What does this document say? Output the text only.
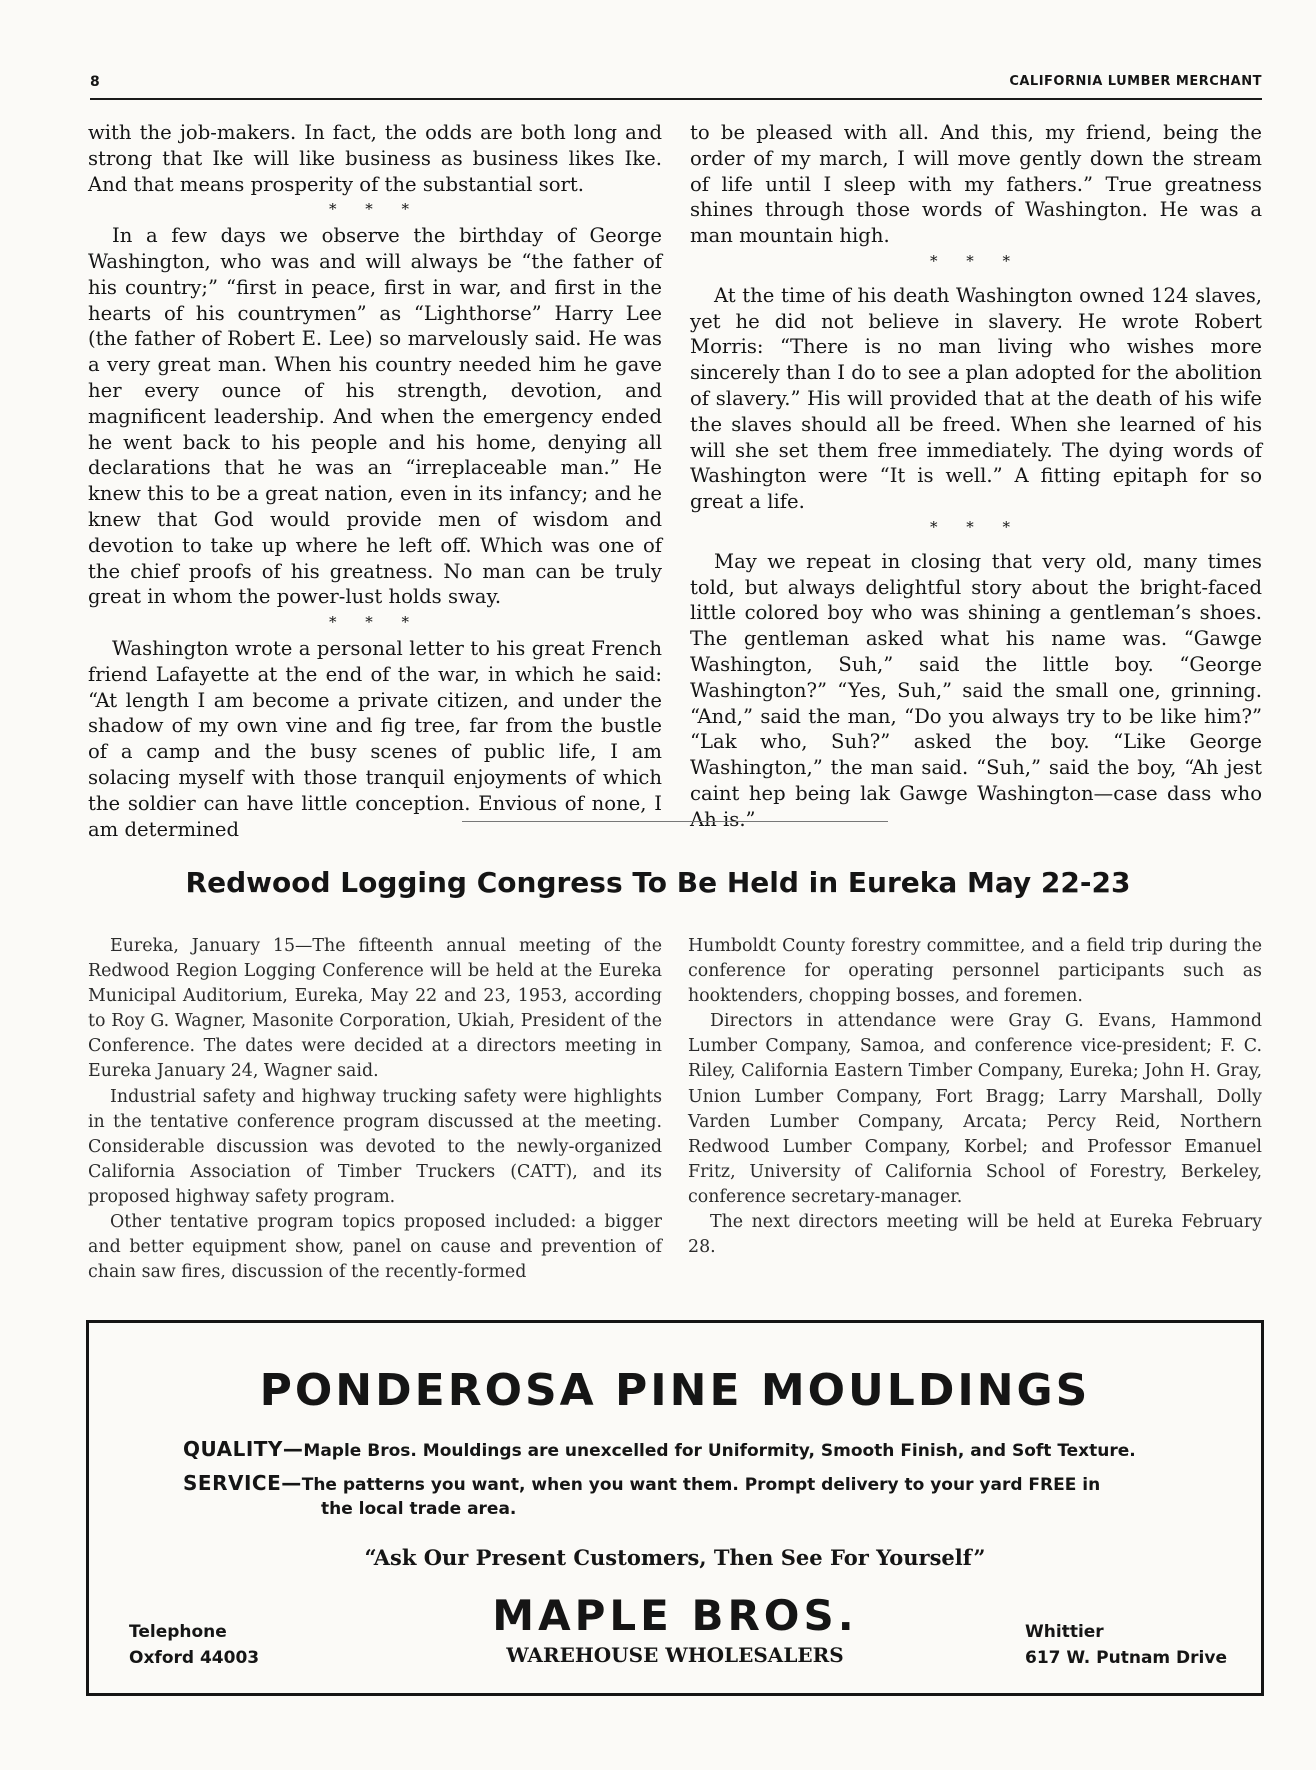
8	CALIFORNIA LUMBER MERCHANT

with the job-makers. In fact, the odds are both long and strong that Ike will like business as business likes Ike. And that means prosperity of the substantial sort.

* * *

In a few days we observe the birthday of George Washington, who was and will always be “the father of his country;” “first in peace, first in war, and first in the hearts of his countrymen” as “Lighthorse” Harry Lee (the father of Robert E. Lee) so marvelously said. He was a very great man. When his country needed him he gave her every ounce of his strength, devotion, and magnificent leadership. And when the emergency ended he went back to his people and his home, denying all declarations that he was an “irreplaceable man.” He knew this to be a great nation, even in its infancy; and he knew that God would provide men of wisdom and devotion to take up where he left off. Which was one of the chief proofs of his greatness. No man can be truly great in whom the power-lust holds sway.

* * *

Washington wrote a personal letter to his great French friend Lafayette at the end of the war, in which he said: “At length I am become a private citizen, and under the shadow of my own vine and fig tree, far from the bustle of a camp and the busy scenes of public life, I am solacing myself with those tranquil enjoyments of which the soldier can have little conception. Envious of none, I am determined

to be pleased with all. And this, my friend, being the order of my march, I will move gently down the stream of life until I sleep with my fathers.” True greatness shines through those words of Washington. He was a man mountain high.

* * *

At the time of his death Washington owned 124 slaves, yet he did not believe in slavery. He wrote Robert Morris: “There is no man living who wishes more sincerely than I do to see a plan adopted for the abolition of slavery.” His will provided that at the death of his wife the slaves should all be freed. When she learned of his will she set them free immediately. The dying words of Washington were “It is well.” A fitting epitaph for so great a life.

* * *

May we repeat in closing that very old, many times told, but always delightful story about the bright-faced little colored boy who was shining a gentleman’s shoes. The gentleman asked what his name was. “Gawge Washington, Suh,” said the little boy. “George Washington?” “Yes, Suh,” said the small one, grinning. “And,” said the man, “Do you always try to be like him?” “Lak who, Suh?” asked the boy. “Like George Washington,” the man said. “Suh,” said the boy, “Ah jest caint hep being lak Gawge Washington—case dass who Ah is.”

Redwood Logging Congress To Be Held in Eureka May 22-23

Eureka, January 15—The fifteenth annual meeting of the Redwood Region Logging Conference will be held at the Eureka Municipal Auditorium, Eureka, May 22 and 23, 1953, according to Roy G. Wagner, Masonite Corporation, Ukiah, President of the Conference. The dates were decided at a directors meeting in Eureka January 24, Wagner said.

Industrial safety and highway trucking safety were highlights in the tentative conference program discussed at the meeting. Considerable discussion was devoted to the newly-organized California Association of Timber Truckers (CATT), and its proposed highway safety program.

Other tentative program topics proposed included: a bigger and better equipment show, panel on cause and prevention of chain saw fires, discussion of the recently-formed

Humboldt County forestry committee, and a field trip during the conference for operating personnel participants such as hooktenders, chopping bosses, and foremen.

Directors in attendance were Gray G. Evans, Hammond Lumber Company, Samoa, and conference vice-president; F. C. Riley, California Eastern Timber Company, Eureka; John H. Gray, Union Lumber Company, Fort Bragg; Larry Marshall, Dolly Varden Lumber Company, Arcata; Percy Reid, Northern Redwood Lumber Company, Korbel; and Professor Emanuel Fritz, University of California School of Forestry, Berkeley, conference secretary-manager.

The next directors meeting will be held at Eureka February 28.

PONDEROSA PINE MOULDINGS
QUALITY—Maple Bros. Mouldings are unexcelled for Uniformity, Smooth Finish, and Soft Texture.
SERVICE—The patterns you want, when you want them. Prompt delivery to your yard FREE in
the local trade area.
“Ask Our Present Customers, Then See For Yourself”
Telephone
Oxford 44003
MAPLE BROS.
WAREHOUSE WHOLESALERS
Whittier
617 W. Putnam Drive
